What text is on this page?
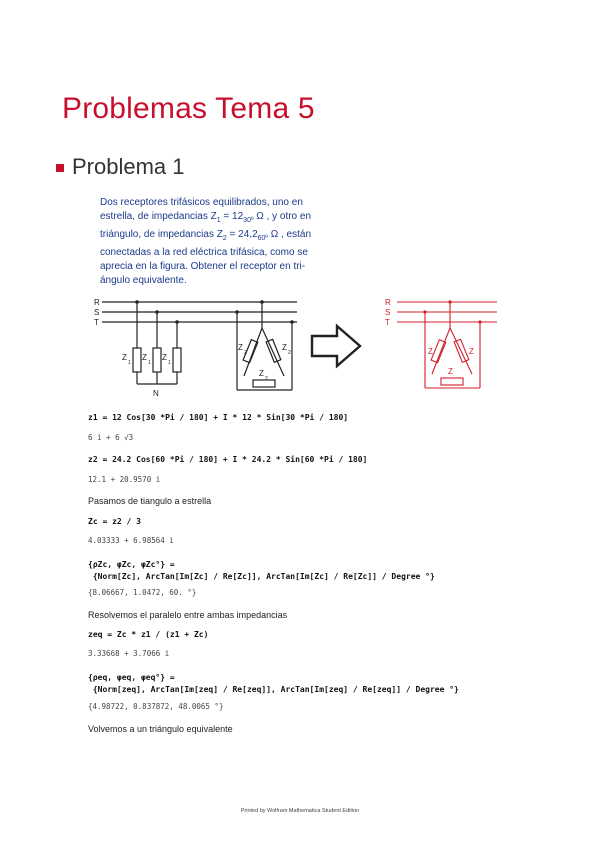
Problemas Tema 5
Problema 1
Dos receptores trifásicos equilibrados, uno en
estrella, de impedancias $Z_1 = 12_{30º}$ Ω , y otro en
triángulo, de impedancias $Z_2 = 24,2_{60º}$ Ω , están
conectadas a la red eléctrica trifásica, como se
aprecia en la figura. Obtener el receptor en tri-
ángulo equivalente.
R
S
T
N
Z Z Z
1	1	1
Z	Z
Z
2	2
2
R
S
T
Z	Z
Z
z1 = 12 Cos[30 *Pi / 180] + I * 12 * Sin[30 *Pi / 180]
6 i + 6 √3
z2 = 24.2 Cos[60 *Pi / 180] + I * 24.2 * Sin[60 *Pi / 180]
12.1 + 20.9570 i
Pasamos de tiangulo a estrella
Zc = z2 / 3
4.03333 + 6.98564 i
{ρZc, φZc, φZc°} =
{Norm[Zc], ArcTan[Im[Zc] / Re[Zc]], ArcTan[Im[Zc] / Re[Zc]] / Degree °}
{8.06667, 1.0472, 60. °}
Resolvemos el paralelo entre ambas impedancias
zeq = Zc * z1 / (z1 + Zc)
3.33668 + 3.7066 i
{ρeq, φeq, φeq°} =
{Norm[zeq], ArcTan[Im[zeq] / Re[zeq]], ArcTan[Im[zeq] / Re[zeq]] / Degree °}
{4.98722, 0.837872, 48.0065 °}
Volvemos a un triángulo equivalente
Printed by Wolfram Mathematica Student Edition
